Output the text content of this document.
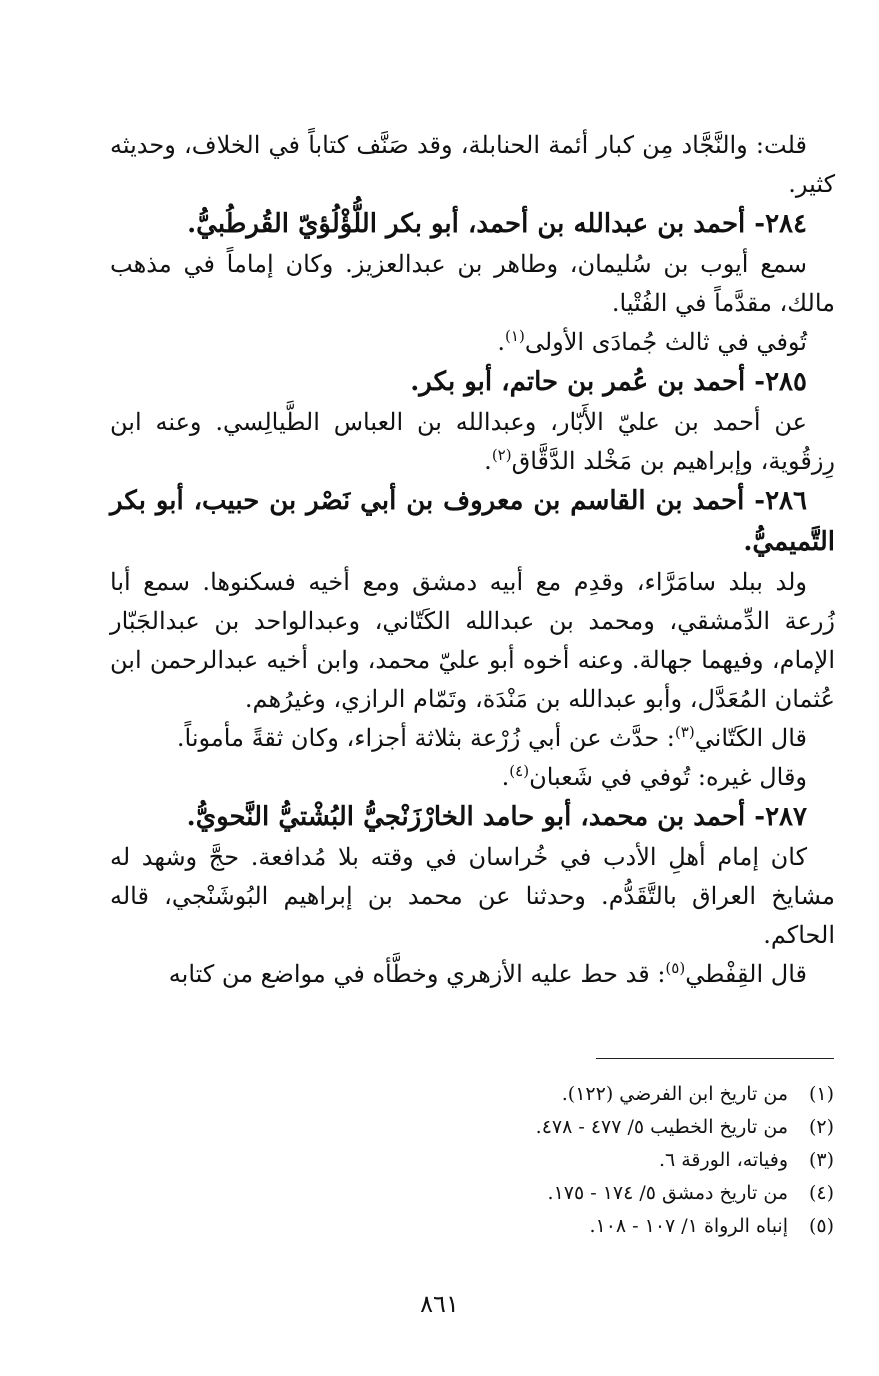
قلت: والنَّجَّاد مِن كبار أئمة الحنابلة، وقد صَنَّف كتاباً في الخلاف، وحديثه كثير.

٢٨٤- أحمد بن عبدالله بن أحمد، أبو بكر اللُّؤْلُؤيّ القُرطُبيُّ.

سمع أيوب بن سُليمان، وطاهر بن عبدالعزيز. وكان إماماً في مذهب مالك، مقدَّماً في الفُتْيا.

تُوفي في ثالث جُمادَى الأولى$^{(١)}$.

٢٨٥- أحمد بن عُمر بن حاتم، أبو بكر.

عن أحمد بن عليّ الأَبّار، وعبدالله بن العباس الطَّيالِسي. وعنه ابن رِزقُوية، وإبراهيم بن مَخْلد الدَّقَّاق$^{(٢)}$.

٢٨٦- أحمد بن القاسم بن معروف بن أبي نَصْر بن حبيب، أبو بكر التَّميميُّ.

ولد ببلد سامَرَّاء، وقدِم مع أبيه دمشق ومع أخيه فسكنوها. سمع أبا زُرعة الدِّمشقي، ومحمد بن عبدالله الكَتّاني، وعبدالواحد بن عبدالجَبّار الإمام، وفيهما جهالة. وعنه أخوه أبو عليّ محمد، وابن أخيه عبدالرحمن ابن عُثمان المُعَدَّل، وأبو عبدالله بن مَنْدَة، وتَمّام الرازي، وغيرُهم.

قال الكَتّاني$^{(٣)}$: حدَّث عن أبي زُرْعة بثلاثة أجزاء، وكان ثقةً مأموناً.

وقال غيره: تُوفي في شَعبان$^{(٤)}$.

٢٨٧- أحمد بن محمد، أبو حامد الخارْزَنْجيُّ البُشْتيُّ النَّحويُّ.

كان إمام أهلِ الأدب في خُراسان في وقته بلا مُدافعة. حجَّ وشهد له مشايخ العراق بالتَّقَدُّم. وحدثنا عن محمد بن إبراهيم البُوشَنْجي، قاله الحاكم.

قال القِفْطي$^{(٥)}$: قد حط عليه الأزهري وخطَّأه في مواضع من كتابه

(١)
من تاريخ ابن الفرضي (١٢٢).
(٢)
من تاريخ الخطيب ٥/ ٤٧٧ - ٤٧٨.
(٣)
وفياته، الورقة ٦.
(٤)
من تاريخ دمشق ٥/ ١٧٤ - ١٧٥.
(٥)
إنباه الرواة ١/ ١٠٧ - ١٠٨.
٨٦١
